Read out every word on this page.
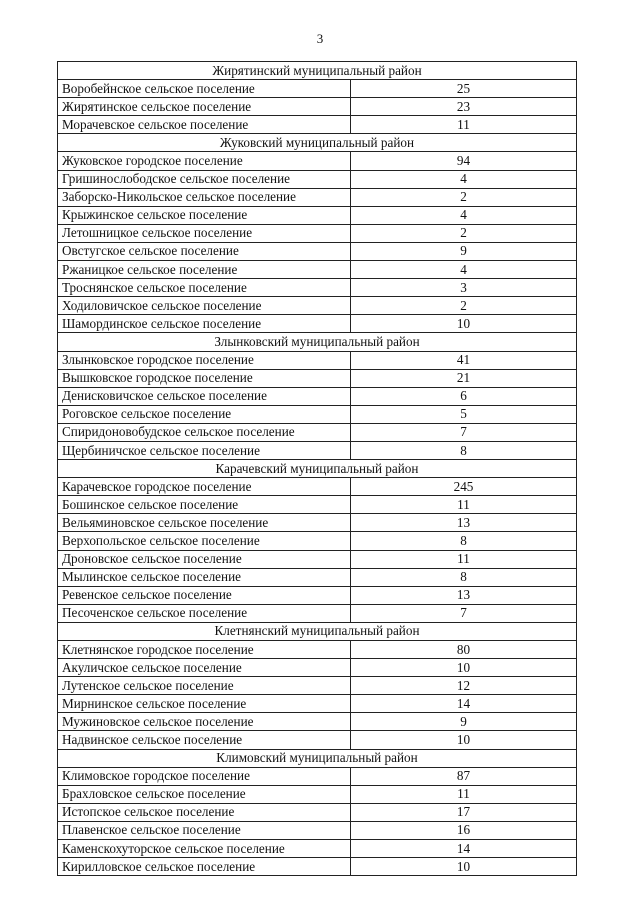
3
Жирятинский муниципальный район	
Воробейнское сельское поселение	25
Жирятинское сельское поселение	23
Морачевское сельское поселение	11
Жуковский муниципальный район	
Жуковское городское поселение	94
Гришинослободское сельское поселение	4
Заборско-Никольское сельское поселение	2
Крыжинское сельское поселение	4
Летошницкое сельское поселение	2
Овстугское сельское поселение	9
Ржаницкое сельское поселение	4
Троснянское сельское поселение	3
Ходиловичское сельское поселение	2
Шамординское сельское поселение	10
Злынковский муниципальный район	
Злынковское городское поселение	41
Вышковское городское поселение	21
Денисковичское сельское поселение	6
Роговское сельское поселение	5
Спиридоновобудское сельское поселение	7
Щербиничское сельское поселение	8
Карачевский муниципальный район	
Карачевское городское поселение	245
Бошинское сельское поселение	11
Вельяминовское сельское поселение	13
Верхопольское сельское поселение	8
Дроновское сельское поселение	11
Мылинское сельское поселение	8
Ревенское сельское поселение	13
Песоченское сельское поселение	7
Клетнянский муниципальный район	
Клетнянское городское поселение	80
Акуличское сельское поселение	10
Лутенское сельское поселение	12
Мирнинское сельское поселение	14
Мужиновское сельское поселение	9
Надвинское сельское поселение	10
Климовский муниципальный район	
Климовское городское поселение	87
Брахловское сельское поселение	11
Истопское сельское поселение	17
Плавенское сельское поселение	16
Каменскохуторское сельское поселение	14
Кирилловское сельское поселение	10
